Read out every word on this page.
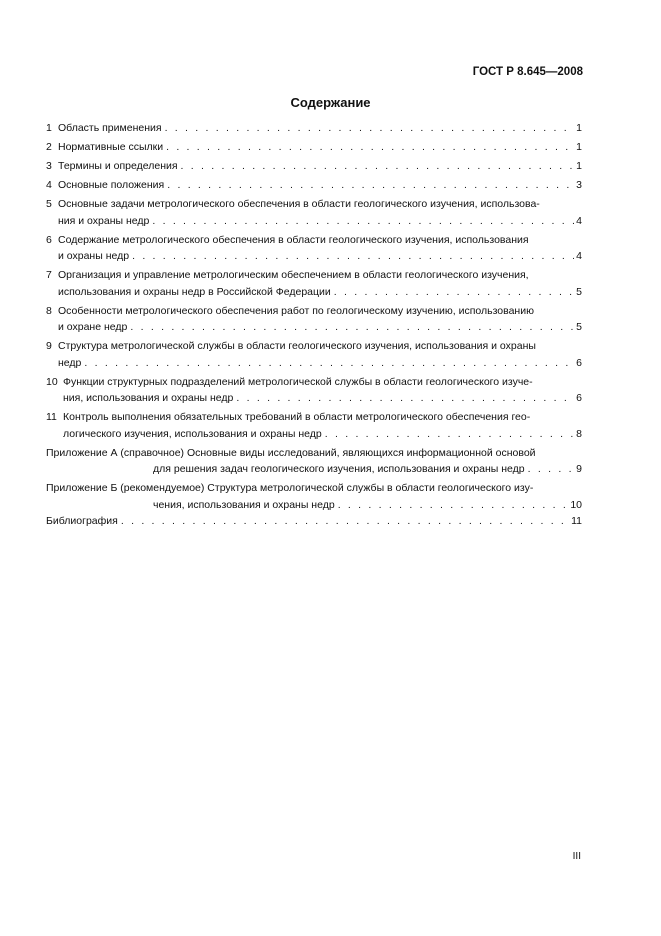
ГОСТ Р 8.645—2008

Содержание
1 Область применения . . .	1
2 Нормативные ссылки . . .	1
3 Термины и определения . . .	1
4 Основные положения . . .	3
5 Основные задачи метрологического обеспечения в области геологического изучения, использова-
ния и охраны недр . . .	4
6 Содержание метрологического обеспечения в области геологического изучения, использования
и охраны недр . . .	4
7 Организация и управление метрологическим обеспечением в области геологического изучения,
использования и охраны недр в Российской Федерации . . .	5
8 Особенности метрологического обеспечения работ по геологическому изучению, использованию
и охране недр . . .	5
9 Структура метрологической службы в области геологического изучения, использования и охраны
недр . . .	6
10 Функции структурных подразделений метрологической службы в области геологического изуче-
ния, использования и охраны недр . . .	6
11 Контроль выполнения обязательных требований в области метрологического обеспечения гео-
логического изучения, использования и охраны недр . . .	8
Приложение А (справочное) Основные виды исследований, являющихся информационной основой
для решения задач геологического изучения, использования и охраны недр . . .	9
Приложение Б (рекомендуемое) Структура метрологической службы в области геологического изу-
чения, использования и охраны недр . . .	10
Библиография . . .	11

III
